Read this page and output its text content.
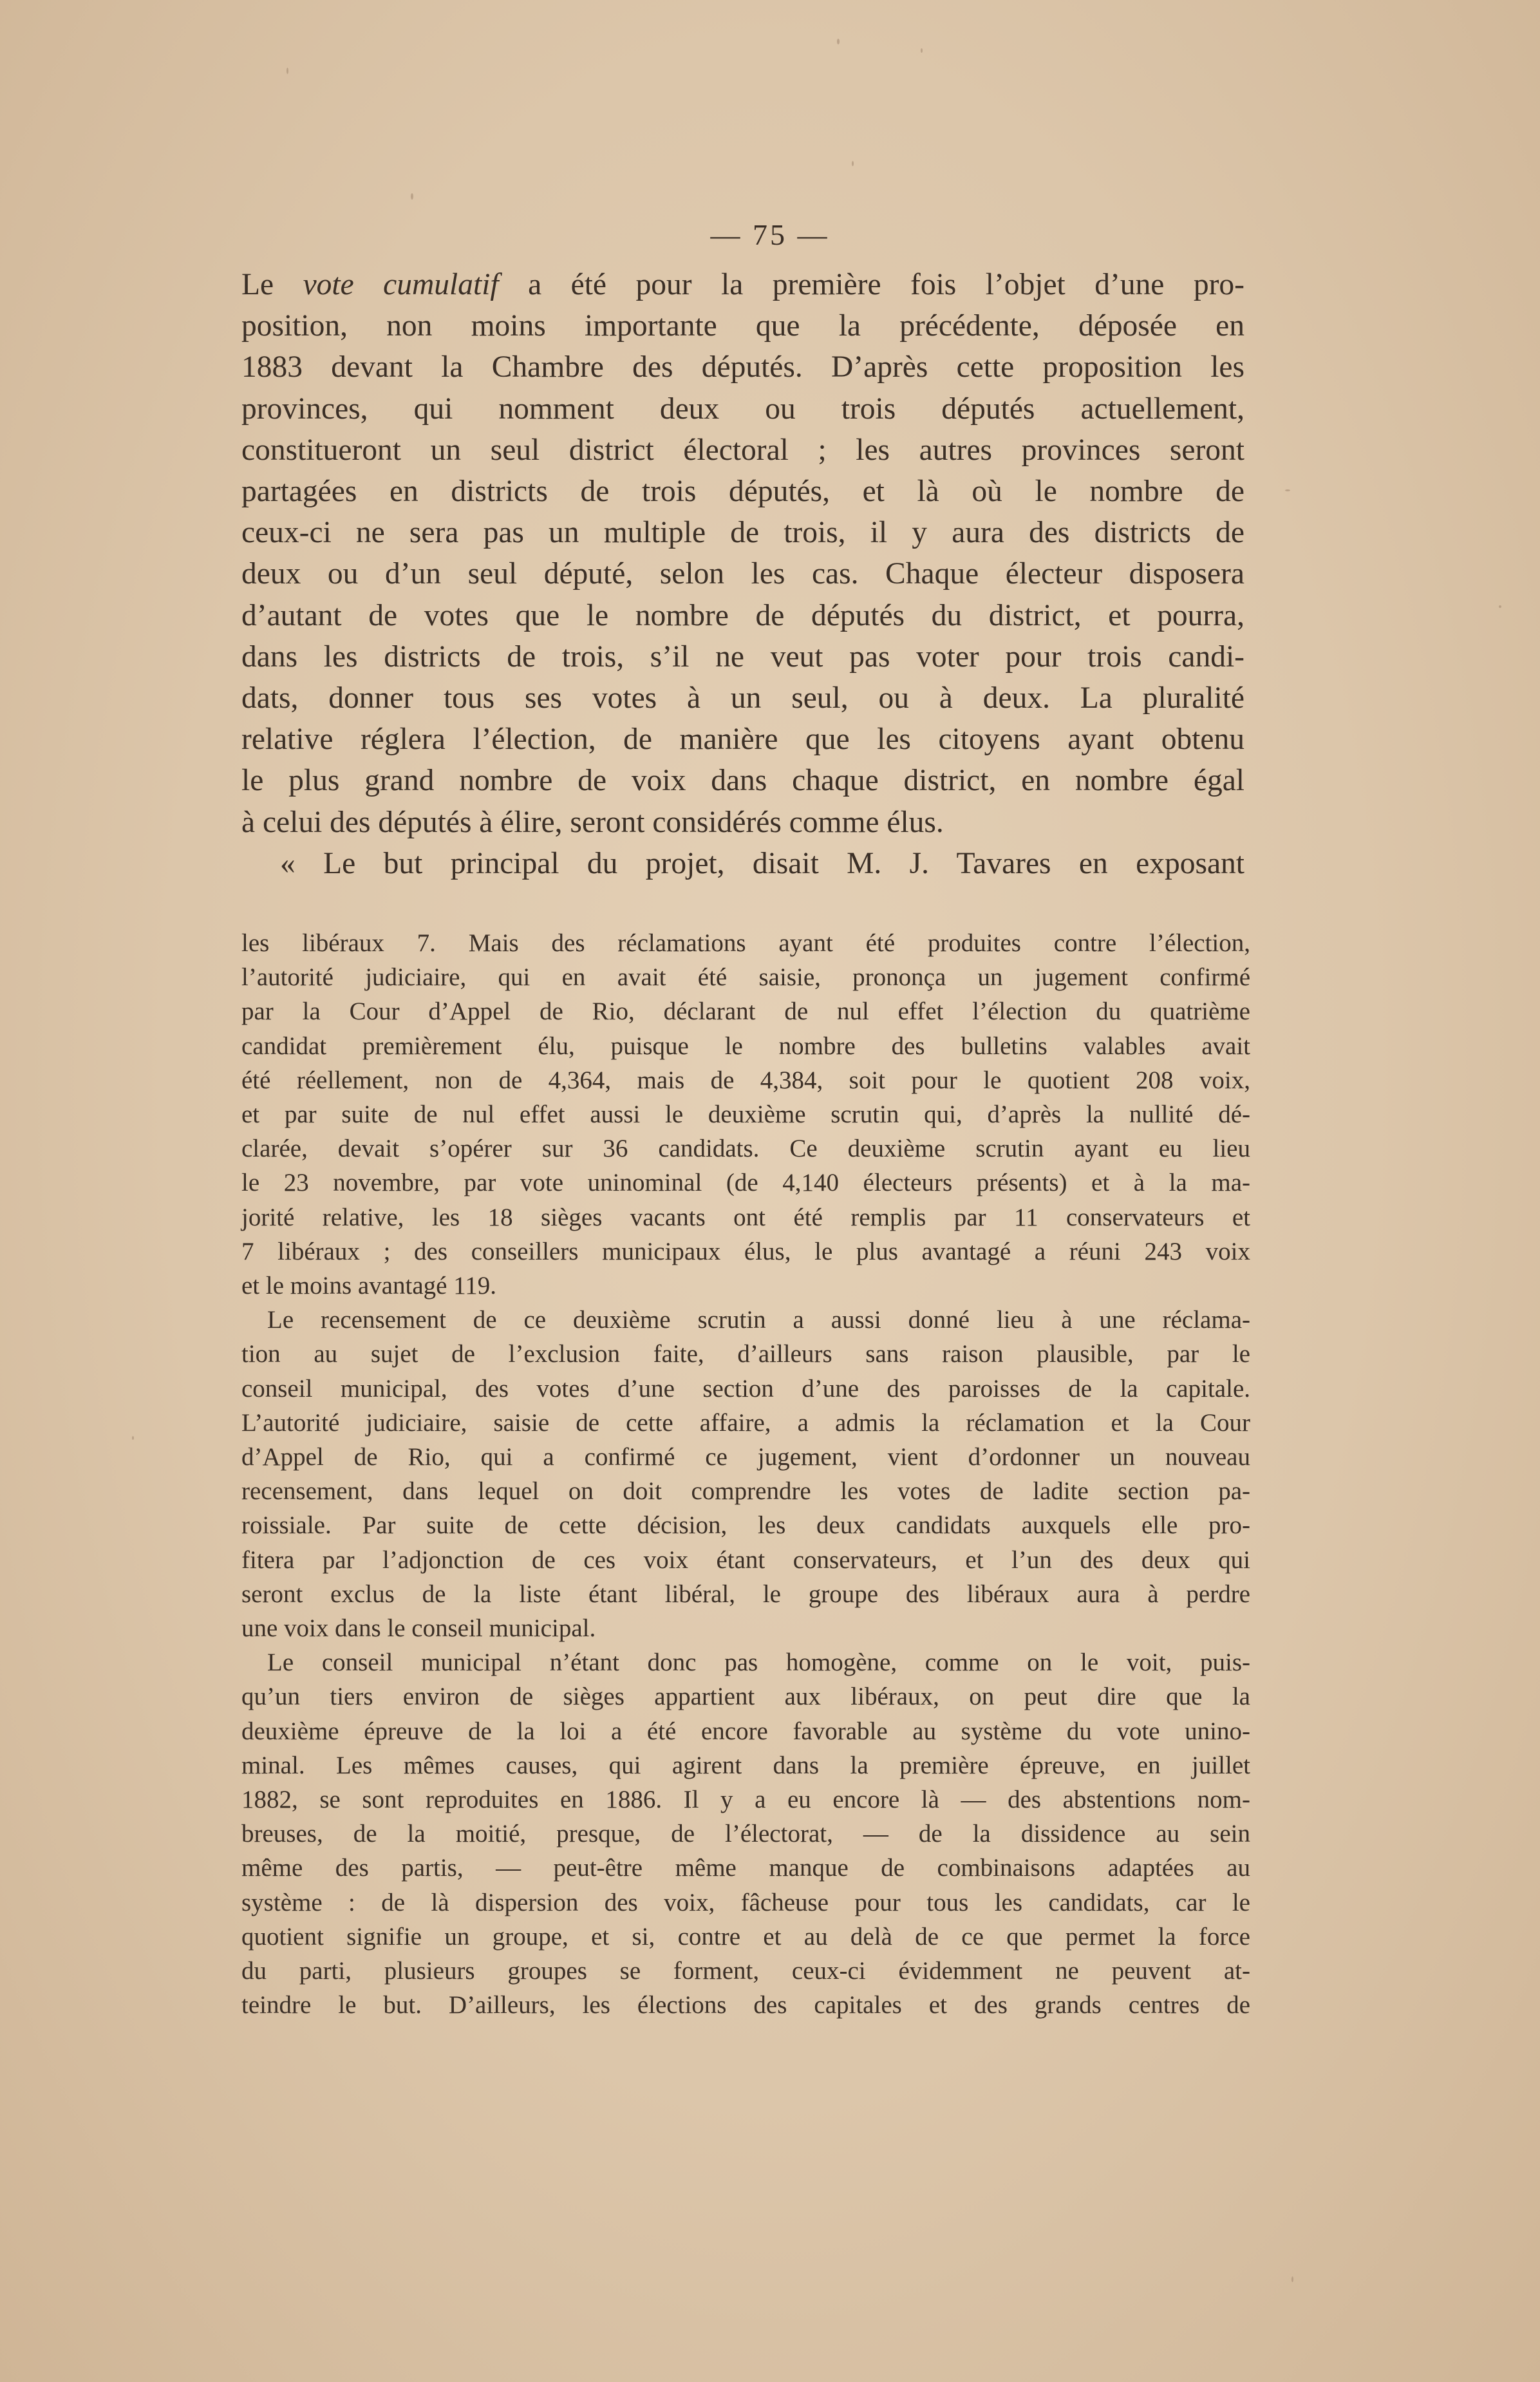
— 75 —
Le vote cumulatif a été pour la première fois l’objet d’une pro-
position, non moins importante que la précédente, déposée en
1883 devant la Chambre des députés. D’après cette proposition les
provinces, qui nomment deux ou trois députés actuellement,
constitueront un seul district électoral ; les autres provinces seront
partagées en districts de trois députés, et là où le nombre de
ceux-ci ne sera pas un multiple de trois, il y aura des districts de
deux ou d’un seul député, selon les cas. Chaque électeur disposera
d’autant de votes que le nombre de députés du district, et pourra,
dans les districts de trois, s’il ne veut pas voter pour trois candi-
dats, donner tous ses votes à un seul, ou à deux. La pluralité
relative réglera l’élection, de manière que les citoyens ayant obtenu
le plus grand nombre de voix dans chaque district, en nombre égal
à celui des députés à élire, seront considérés comme élus.
« Le but principal du projet, disait M. J. Tavares en exposant
les libéraux 7. Mais des réclamations ayant été produites contre l’élection,
l’autorité judiciaire, qui en avait été saisie, prononça un jugement confirmé
par la Cour d’Appel de Rio, déclarant de nul effet l’élection du quatrième
candidat premièrement élu, puisque le nombre des bulletins valables avait
été réellement, non de 4,364, mais de 4,384, soit pour le quotient 208 voix,
et par suite de nul effet aussi le deuxième scrutin qui, d’après la nullité dé-
clarée, devait s’opérer sur 36 candidats. Ce deuxième scrutin ayant eu lieu
le 23 novembre, par vote uninominal (de 4,140 électeurs présents) et à la ma-
jorité relative, les 18 sièges vacants ont été remplis par 11 conservateurs et
7 libéraux ; des conseillers municipaux élus, le plus avantagé a réuni 243 voix
et le moins avantagé 119.
Le recensement de ce deuxième scrutin a aussi donné lieu à une réclama-
tion au sujet de l’exclusion faite, d’ailleurs sans raison plausible, par le
conseil municipal, des votes d’une section d’une des paroisses de la capitale.
L’autorité judiciaire, saisie de cette affaire, a admis la réclamation et la Cour
d’Appel de Rio, qui a confirmé ce jugement, vient d’ordonner un nouveau
recensement, dans lequel on doit comprendre les votes de ladite section pa-
roissiale. Par suite de cette décision, les deux candidats auxquels elle pro-
fitera par l’adjonction de ces voix étant conservateurs, et l’un des deux qui
seront exclus de la liste étant libéral, le groupe des libéraux aura à perdre
une voix dans le conseil municipal.
Le conseil municipal n’étant donc pas homogène, comme on le voit, puis-
qu’un tiers environ de sièges appartient aux libéraux, on peut dire que la
deuxième épreuve de la loi a été encore favorable au système du vote unino-
minal. Les mêmes causes, qui agirent dans la première épreuve, en juillet
1882, se sont reproduites en 1886. Il y a eu encore là — des abstentions nom-
breuses, de la moitié, presque, de l’électorat, — de la dissidence au sein
même des partis, — peut-être même manque de combinaisons adaptées au
système : de là dispersion des voix, fâcheuse pour tous les candidats, car le
quotient signifie un groupe, et si, contre et au delà de ce que permet la force
du parti, plusieurs groupes se forment, ceux-ci évidemment ne peuvent at-
teindre le but. D’ailleurs, les élections des capitales et des grands centres de
